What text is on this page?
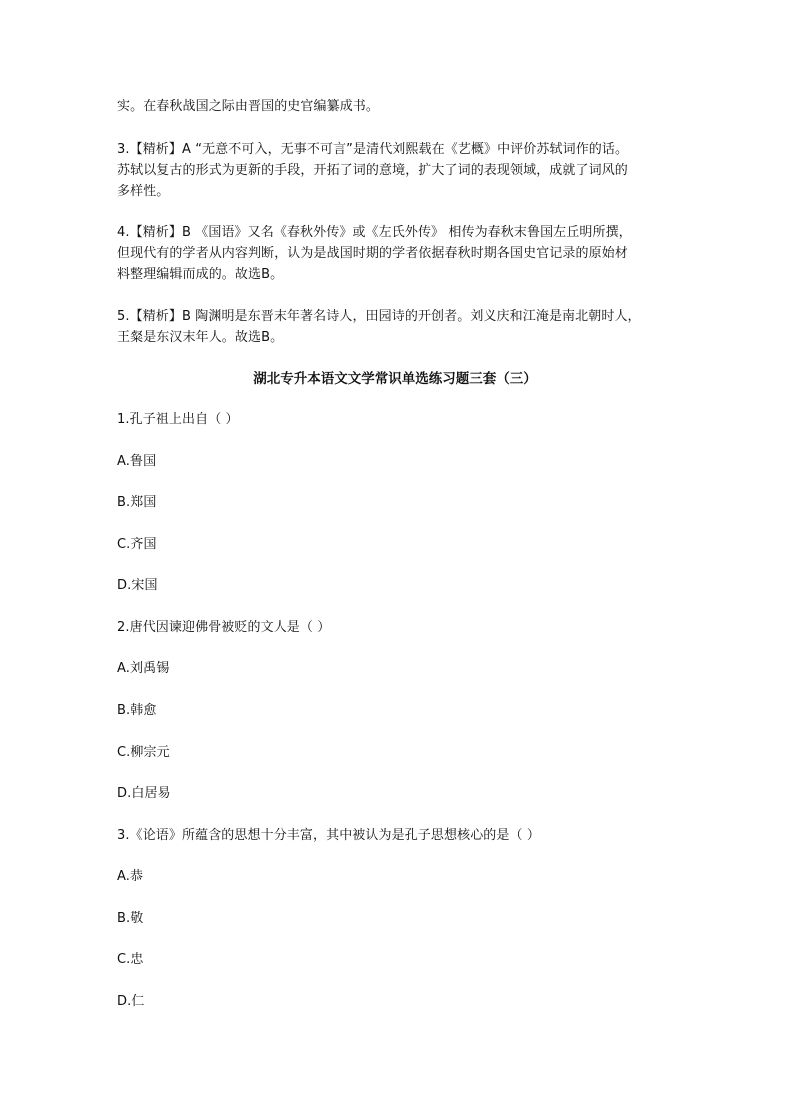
实。在春秋战国之际由晋国的史官编纂成书。
3.【精析】A “无意不可入，无事不可言”是清代刘熙载在《艺概》中评价苏轼词作的话。
苏轼以复古的形式为更新的手段，开拓了词的意境，扩大了词的表现领域，成就了词风的
多样性。
4.【精析】B 《国语》又名《春秋外传》或《左氏外传》 相传为春秋末鲁国左丘明所撰，
但现代有的学者从内容判断，认为是战国时期的学者依据春秋时期各国史官记录的原始材
料整理编辑而成的。故选B。
5.【精析】B 陶渊明是东晋末年著名诗人，田园诗的开创者。刘义庆和江淹是南北朝时人，
王粲是东汉末年人。故选B。
湖北专升本语文文学常识单选练习题三套（三）
1.孔子祖上出自（ ）
A.鲁国
B.郑国
C.齐国
D.宋国
2.唐代因谏迎佛骨被贬的文人是（ ）
A.刘禹锡
B.韩愈
C.柳宗元
D.白居易
3.《论语》所蕴含的思想十分丰富，其中被认为是孔子思想核心的是（ ）
A.恭
B.敬
C.忠
D.仁
